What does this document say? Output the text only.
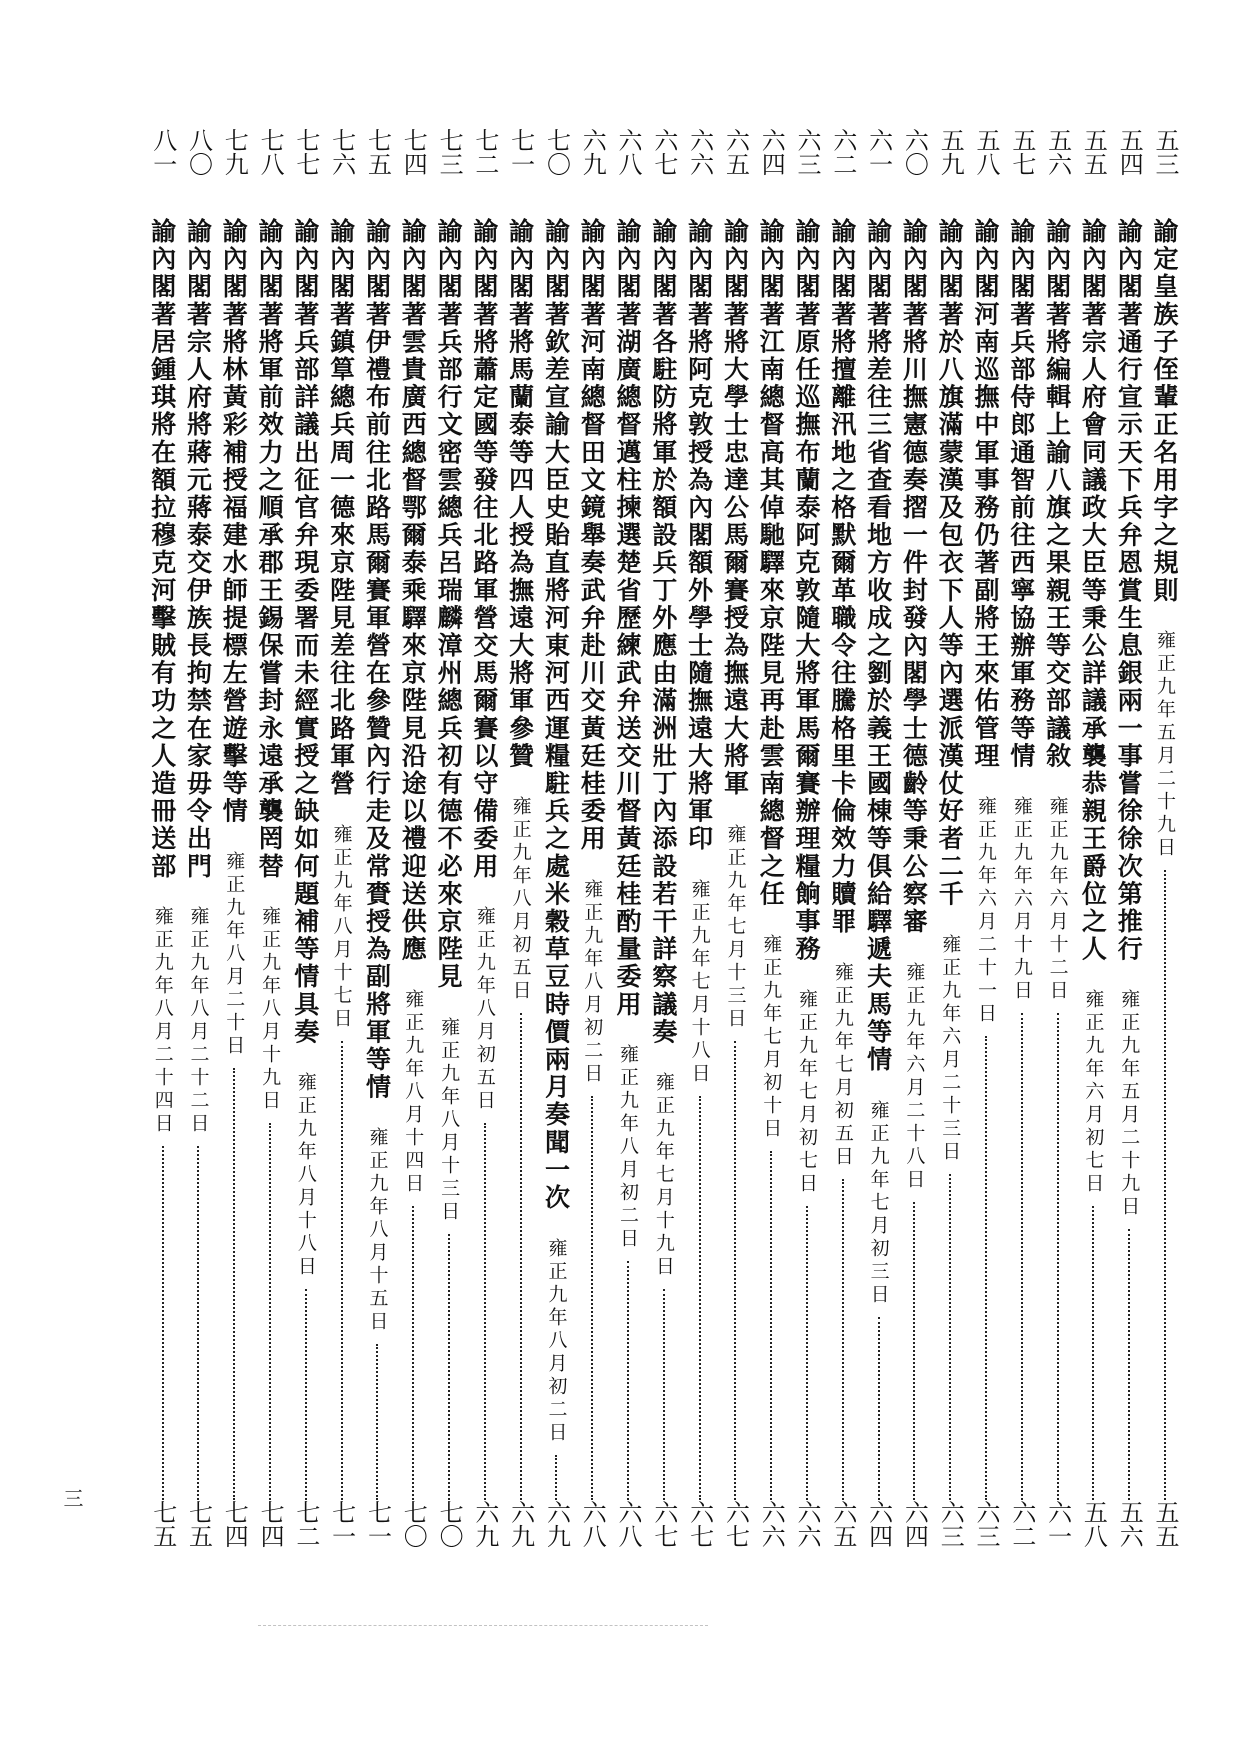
五三
諭定皇族子侄輩正名用字之規則
雍正九年五月二十九日
五五
五四
諭內閣著通行宣示天下兵弁恩賞生息銀兩一事嘗徐徐次第推行
雍正九年五月二十九日
五六
五五
諭內閣著宗人府會同議政大臣等秉公詳議承襲恭親王爵位之人
雍正九年六月初七日
五八
五六
諭內閣著將編輯上諭八旗之果親王等交部議敘
雍正九年六月十二日
六一
五七
諭內閣著兵部侍郎通智前往西寧協辦軍務等情
雍正九年六月十九日
六二
五八
諭內閣河南巡撫中軍事務仍著副將王來佑管理
雍正九年六月二十一日
六三
五九
諭內閣著於八旗滿蒙漢及包衣下人等內選派漢仗好者二千
雍正九年六月二十三日
六三
六〇
諭內閣著將川撫憲德奏摺一件封發內閣學士德齡等秉公察審
雍正九年六月二十八日
六四
六一
諭內閣著將差往三省查看地方收成之劉於義王國棟等俱給驛遞夫馬等情
雍正九年七月初三日
六四
六二
諭內閣著將擅離汛地之格默爾革職令往騰格里卡倫效力贖罪
雍正九年七月初五日
六五
六三
諭內閣著原任巡撫布蘭泰阿克敦隨大將軍馬爾賽辦理糧餉事務
雍正九年七月初七日
六六
六四
諭內閣著江南總督高其倬馳驛來京陛見再赴雲南總督之任
雍正九年七月初十日
六六
六五
諭內閣著將大學士忠達公馬爾賽授為撫遠大將軍
雍正九年七月十三日
六七
六六
諭內閣著將阿克敦授為內閣額外學士隨撫遠大將軍印
雍正九年七月十八日
六七
六七
諭內閣著各駐防將軍於額設兵丁外應由滿洲壯丁內添設若干詳察議奏
雍正九年七月十九日
六七
六八
諭內閣著湖廣總督邁柱揀選楚省歷練武弁送交川督黃廷桂酌量委用
雍正九年八月初二日
六八
六九
諭內閣著河南總督田文鏡舉奏武弁赴川交黃廷桂委用
雍正九年八月初二日
六八
七〇
諭內閣著欽差宣諭大臣史貽直將河東河西運糧駐兵之處米穀草豆時價兩月奏聞一次
雍正九年八月初二日
六九
七一
諭內閣著將馬蘭泰等四人授為撫遠大將軍參贊
雍正九年八月初五日
六九
七二
諭內閣著將蕭定國等發往北路軍營交馬爾賽以守備委用
雍正九年八月初五日
六九
七三
諭內閣著兵部行文密雲總兵呂瑞麟漳州總兵初有德不必來京陛見
雍正九年八月十三日
七〇
七四
諭內閣著雲貴廣西總督鄂爾泰乘驛來京陛見沿途以禮迎送供應
雍正九年八月十四日
七〇
七五
諭內閣著伊禮布前往北路馬爾賽軍營在參贊內行走及常賚授為副將軍等情
雍正九年八月十五日
七一
七六
諭內閣著鎮筸總兵周一德來京陛見差往北路軍營
雍正九年八月十七日
七一
七七
諭內閣著兵部詳議出征官弁現委署而未經實授之缺如何題補等情具奏
雍正九年八月十八日
七二
七八
諭內閣著將軍前效力之順承郡王錫保嘗封永遠承襲罔替
雍正九年八月十九日
七四
七九
諭內閣著將林黃彩補授福建水師提標左營遊擊等情
雍正九年八月二十日
七四
八〇
諭內閣著宗人府將蔣元蔣泰交伊族長拘禁在家毋令出門
雍正九年八月二十二日
七五
八一
諭內閣著居鍾琪將在額拉穆克河擊賊有功之人造冊送部
雍正九年八月二十四日
七五
三
